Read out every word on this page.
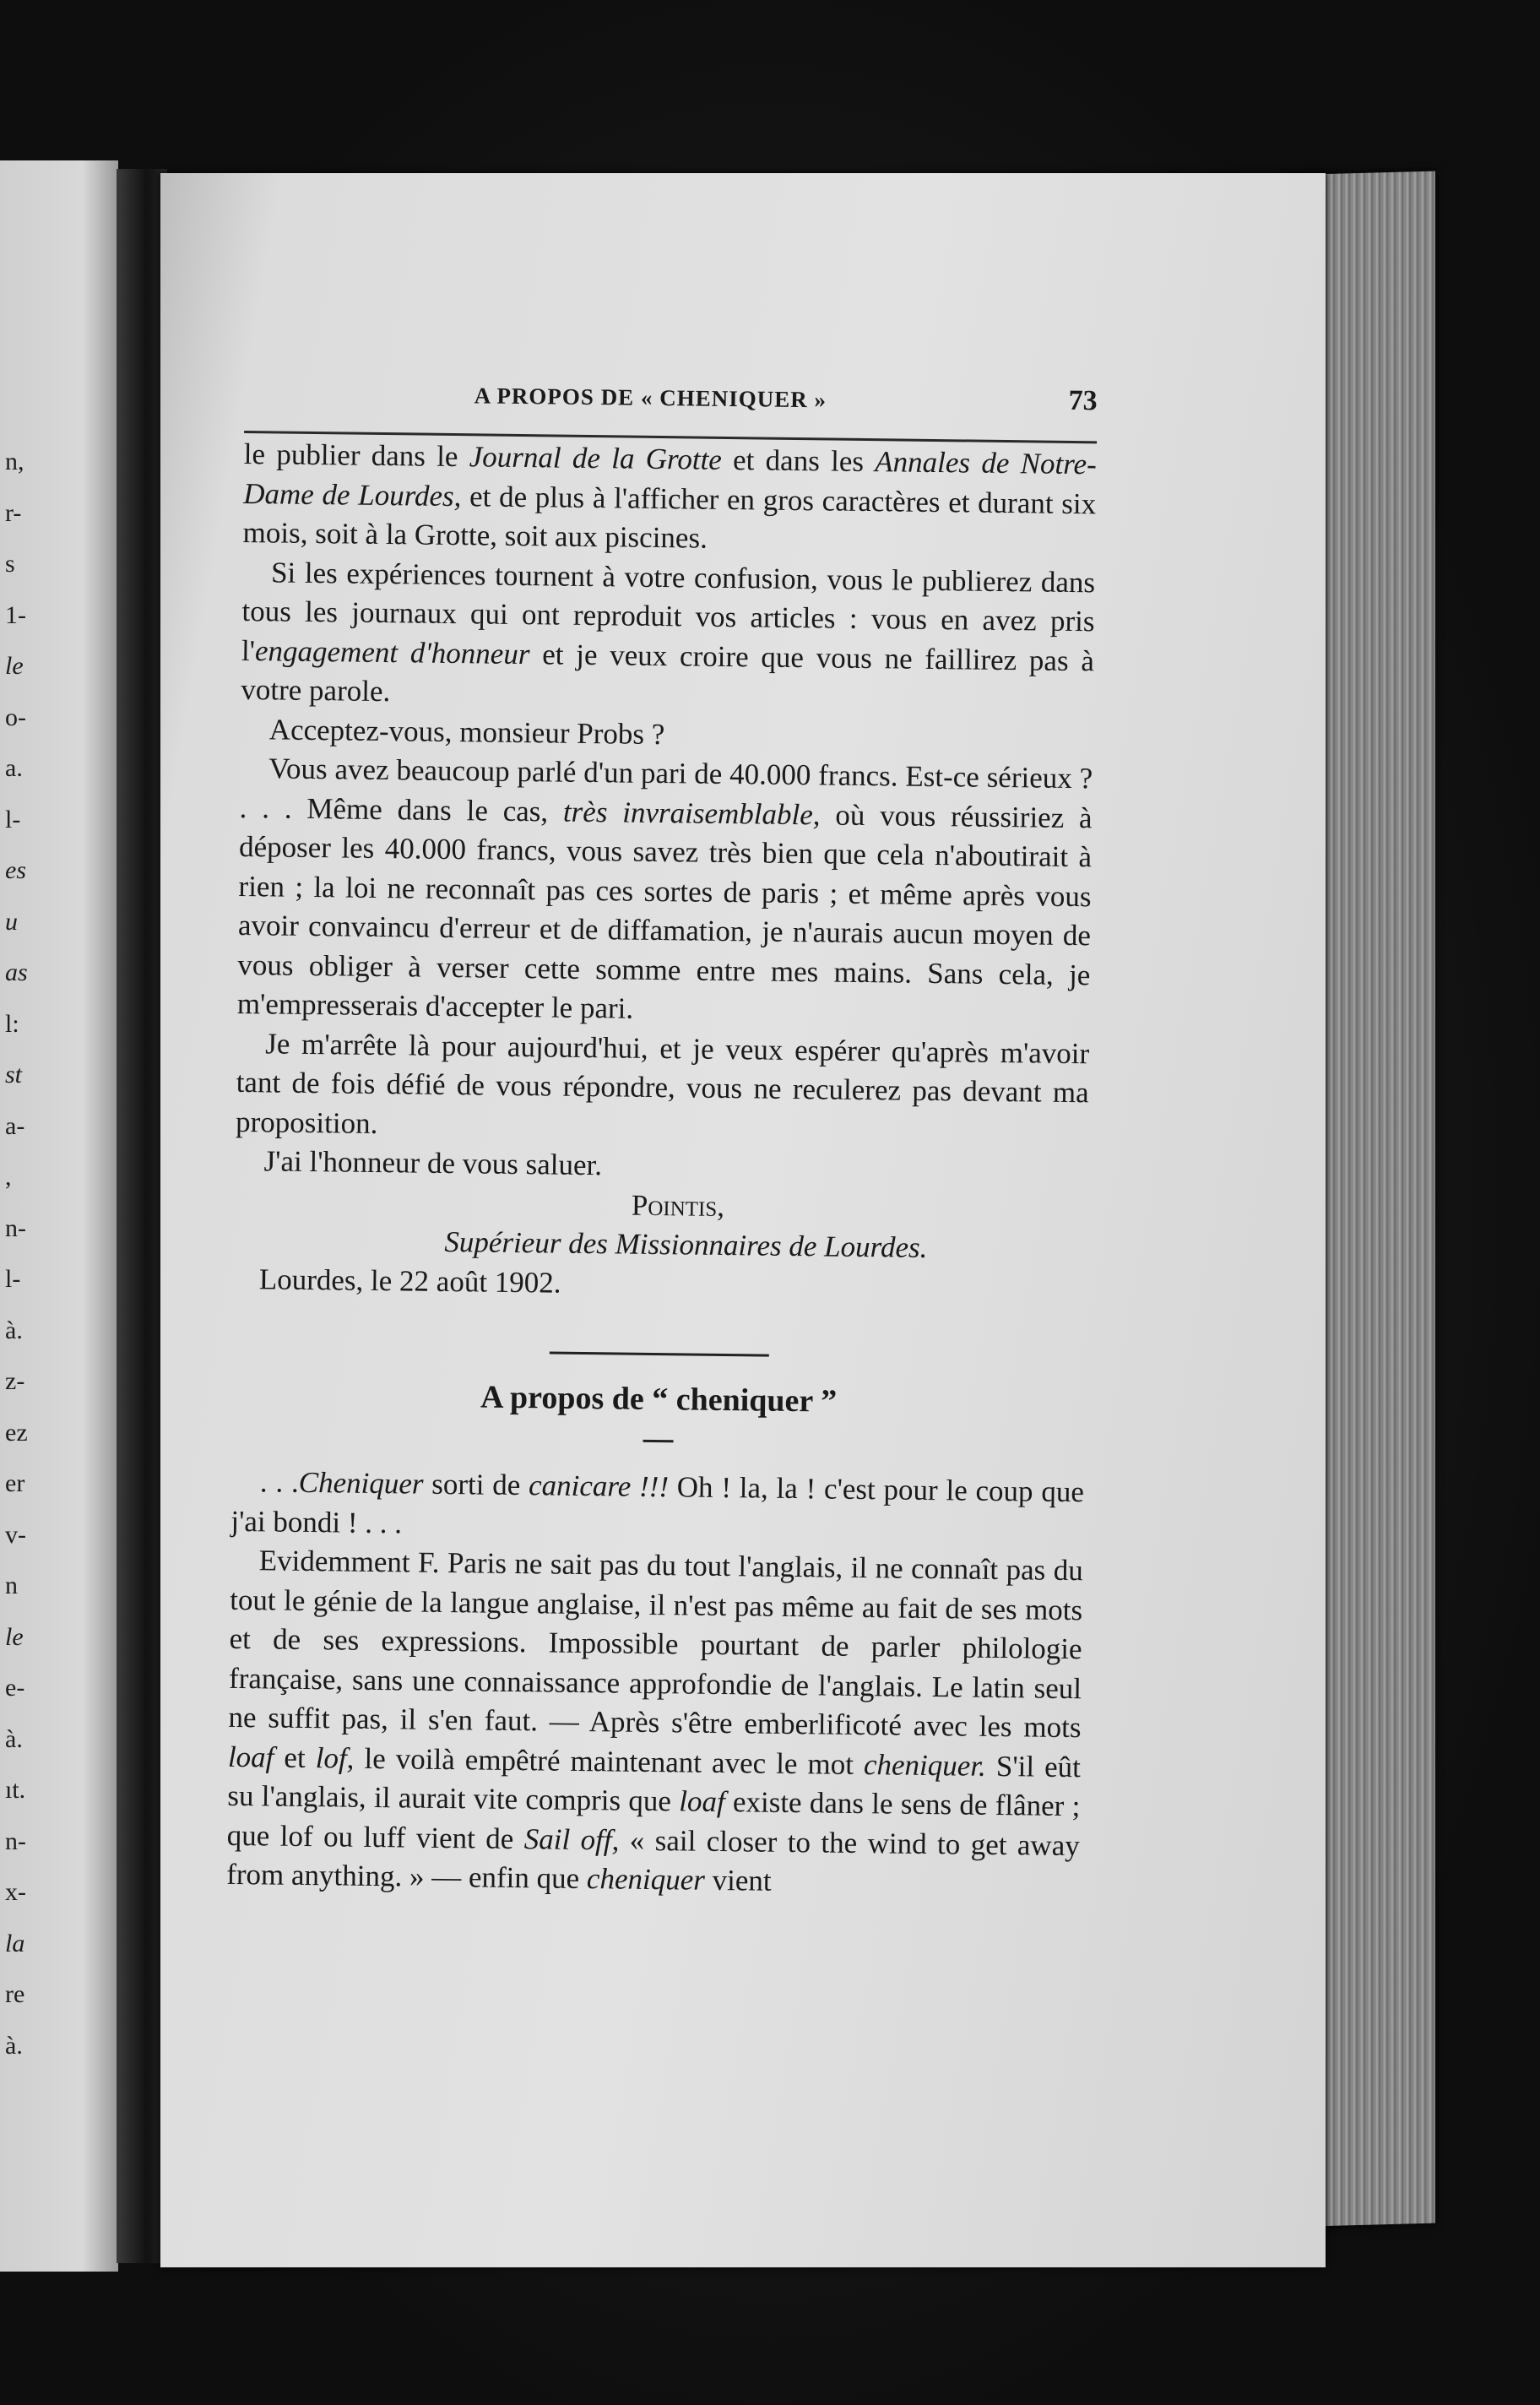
n,
r-
s
1-
le
o-
a.
l-
es
u
as
l:
st
a-
,
n-
l-
à.
z-
ez
er
v-
n
le
e-
à.
ıt.
n-
x-
la
re
à.
A PROPOS DE « CHENIQUER »	73

le publier dans le Journal de la Grotte et dans les Annales de Notre-Dame de Lourdes, et de plus à l'afficher en gros caractères et durant six mois, soit à la Grotte, soit aux piscines.

Si les expériences tournent à votre confusion, vous le publierez dans tous les journaux qui ont reproduit vos articles : vous en avez pris l'engagement d'honneur et je veux croire que vous ne faillirez pas à votre parole.

Acceptez-vous, monsieur Probs ?

Vous avez beaucoup parlé d'un pari de 40.000 francs. Est-ce sérieux ? . . . Même dans le cas, très invraisemblable, où vous réussiriez à déposer les 40.000 francs, vous savez très bien que cela n'aboutirait à rien ; la loi ne reconnaît pas ces sortes de paris ; et même après vous avoir convaincu d'erreur et de diffamation, je n'aurais aucun moyen de vous obliger à verser cette somme entre mes mains. Sans cela, je m'empresserais d'accepter le pari.

Je m'arrête là pour aujourd'hui, et je veux espérer qu'après m'avoir tant de fois défié de vous répondre, vous ne reculerez pas devant ma proposition.

J'ai l'honneur de vous saluer.

Pointis,

Supérieur des Missionnaires de Lourdes.

Lourdes, le 22 août 1902.

A propos de “ cheniquer ”

. . .Cheniquer sorti de canicare !!! Oh ! la, la ! c'est pour le coup que j'ai bondi ! . . .

Evidemment F. Paris ne sait pas du tout l'anglais, il ne connaît pas du tout le génie de la langue anglaise, il n'est pas même au fait de ses mots et de ses expressions. Impossible pourtant de parler philologie française, sans une connaissance approfondie de l'anglais. Le latin seul ne suffit pas, il s'en faut. — Après s'être emberlificoté avec les mots loaf et lof, le voilà empêtré maintenant avec le mot cheniquer. S'il eût su l'anglais, il aurait vite compris que loaf existe dans le sens de flâner ; que lof ou luff vient de Sail off, « sail closer to the wind to get away from anything. » — enfin que cheniquer vient
